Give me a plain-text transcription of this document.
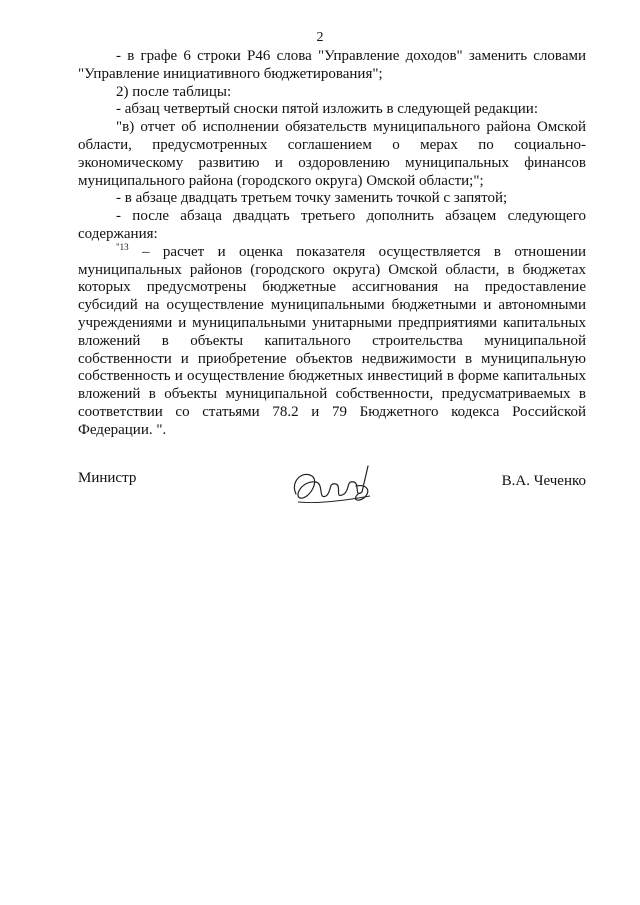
2

- в графе 6 строки Р46 слова "Управление доходов" заменить словами "Управление инициативного бюджетирования";

2) после таблицы:

- абзац четвертый сноски пятой изложить в следующей редакции:

"в) отчет об исполнении обязательств муниципального района Омской области, предусмотренных соглашением о мерах по социально-экономическому развитию и оздоровлению муниципальных финансов муниципального района (городского округа) Омской области;";

- в абзаце двадцать третьем точку заменить точкой с запятой;

- после абзаца двадцать третьего дополнить абзацем следующего содержания:

$^{"13}$ – расчет и оценка показателя осуществляется в отношении муниципальных районов (городского округа) Омской области, в бюджетах которых предусмотрены бюджетные ассигнования на предоставление субсидий на осуществление муниципальными бюджетными и автономными учреждениями и муниципальными унитарными предприятиями капитальных вложений в объекты капитального строительства муниципальной собственности и приобретение объектов недвижимости в муниципальную собственность и осуществление бюджетных инвестиций в форме капитальных вложений в объекты муниципальной собственности, предусматриваемых в соответствии со статьями 78.2 и 79 Бюджетного кодекса Российской Федерации. ".

Министр	В.А. Чеченко
